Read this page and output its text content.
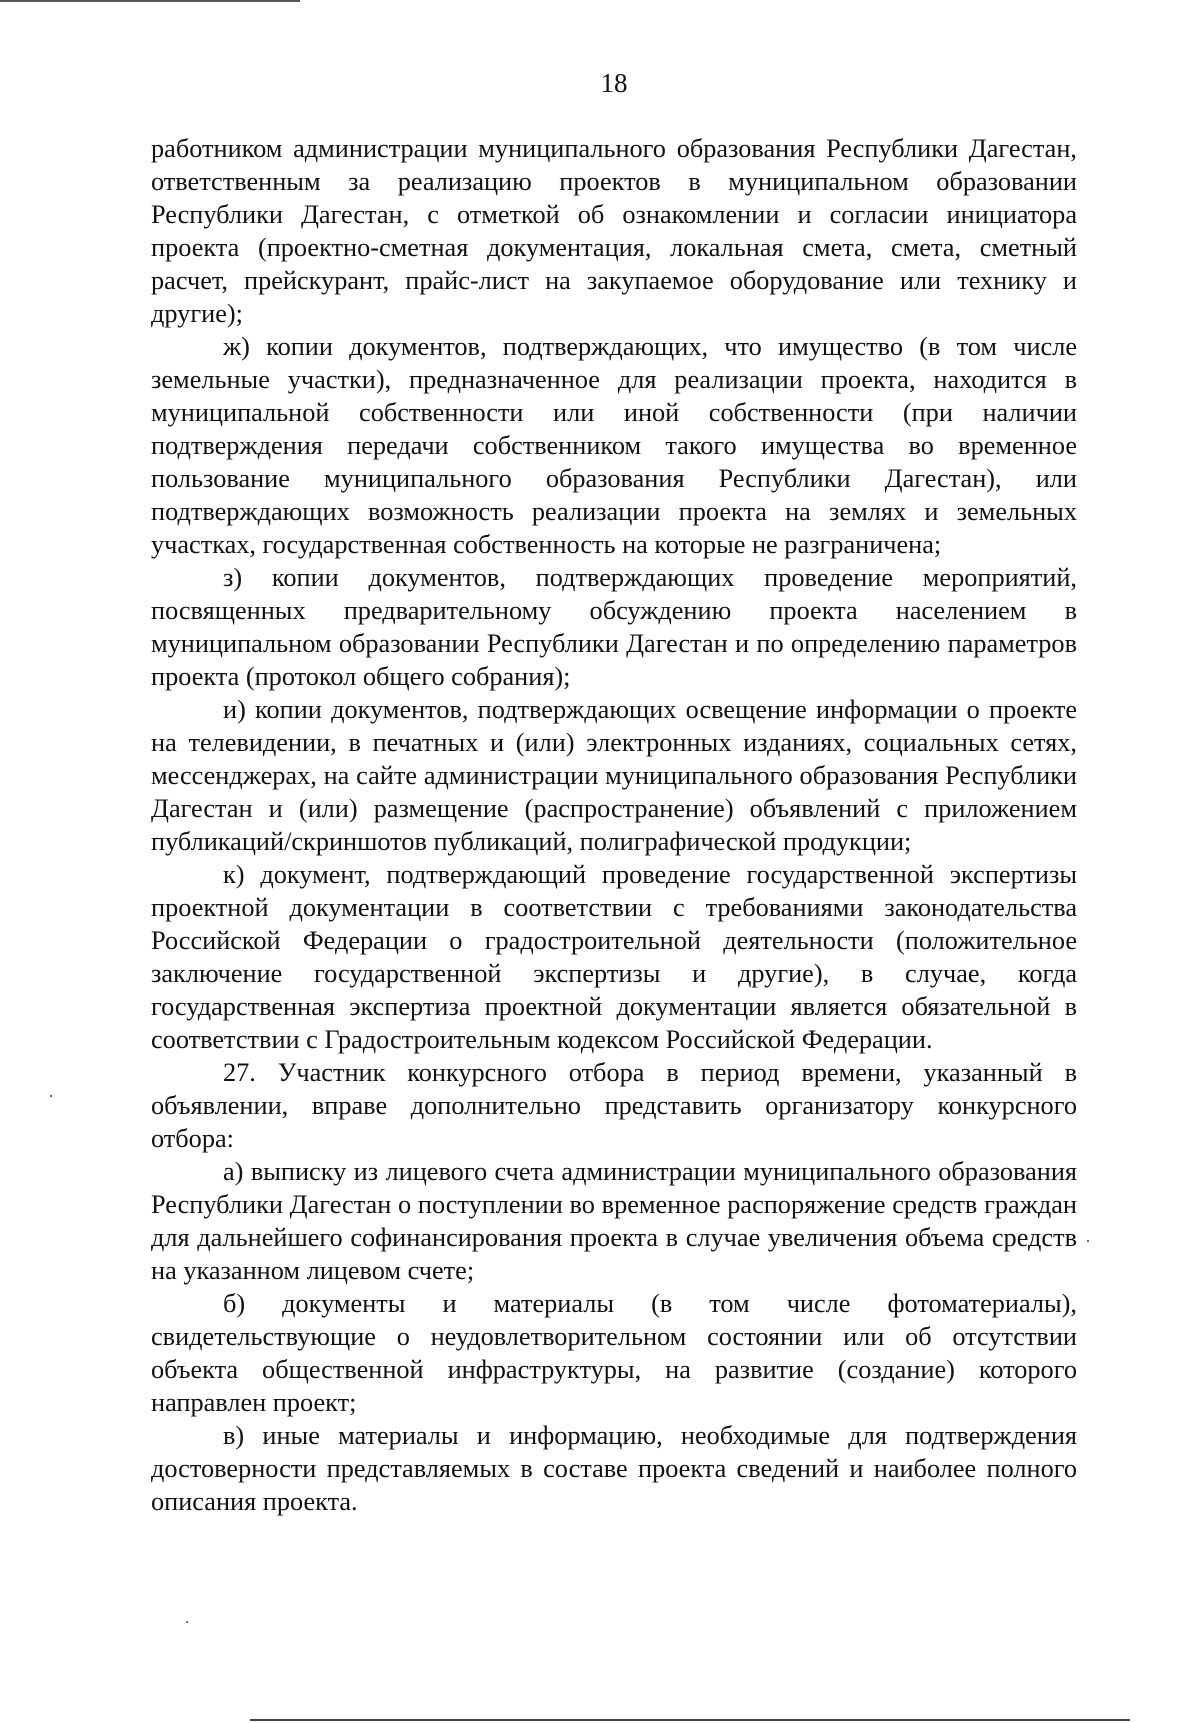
18

работником администрации муниципального образования Республики Дагестан, ответственным за реализацию проектов в муниципальном образовании Республики Дагестан, с отметкой об ознакомлении и согласии инициатора проекта (проектно-сметная документация, локальная смета, смета, сметный расчет, прейскурант, прайс-лист на закупаемое оборудование или технику и другие);

ж) копии документов, подтверждающих, что имущество (в том числе земельные участки), предназначенное для реализации проекта, находится в муниципальной собственности или иной собственности (при наличии подтверждения передачи собственником такого имущества во временное пользование муниципального образования Республики Дагестан), или подтверждающих возможность реализации проекта на землях и земельных участках, государственная собственность на которые не разграничена;

з) копии документов, подтверждающих проведение мероприятий, посвященных предварительному обсуждению проекта населением в муниципальном образовании Республики Дагестан и по определению параметров проекта (протокол общего собрания);

и) копии документов, подтверждающих освещение информации о проекте на телевидении, в печатных и (или) электронных изданиях, социальных сетях, мессенджерах, на сайте администрации муниципального образования Республики Дагестан и (или) размещение (распространение) объявлений с приложением публикаций/скриншотов публикаций, полиграфической продукции;

к) документ, подтверждающий проведение государственной экспертизы проектной документации в соответствии с требованиями законодательства Российской Федерации о градостроительной деятельности (положительное заключение государственной экспертизы и другие), в случае, когда государственная экспертиза проектной документации является обязательной в соответствии с Градостроительным кодексом Российской Федерации.

27. Участник конкурсного отбора в период времени, указанный в объявлении, вправе дополнительно представить организатору конкурсного отбора:

а) выписку из лицевого счета администрации муниципального образования Республики Дагестан о поступлении во временное распоряжение средств граждан для дальнейшего софинансирования проекта в случае увеличения объема средств на указанном лицевом счете;

б) документы и материалы (в том числе фотоматериалы), свидетельствующие о неудовлетворительном состоянии или об отсутствии объекта общественной инфраструктуры, на развитие (создание) которого направлен проект;

в) иные материалы и информацию, необходимые для подтверждения достоверности представляемых в составе проекта сведений и наиболее полного описания проекта.
